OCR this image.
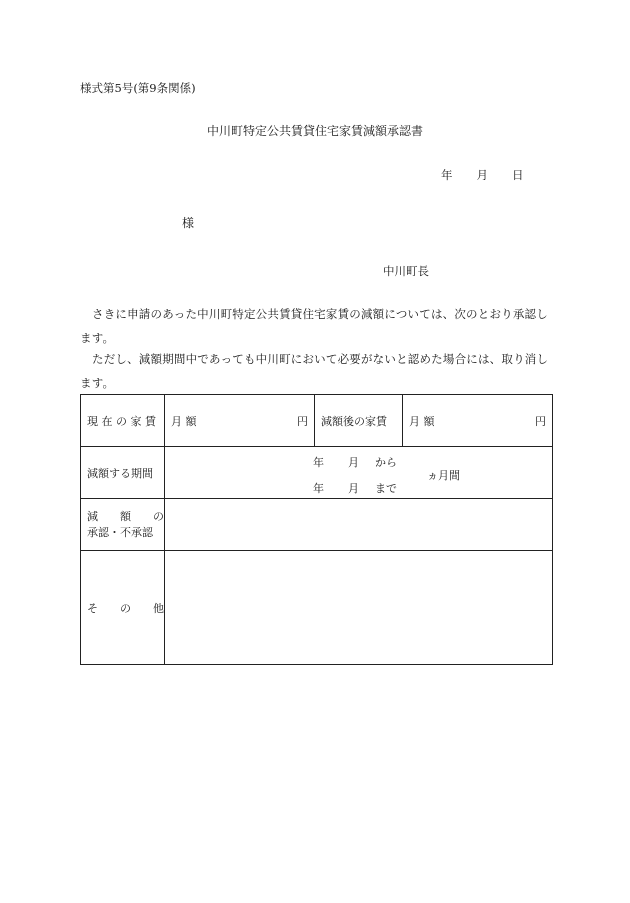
様式第5号(第9条関係)
中川町特定公共賃貸住宅家賃減額承認書
年 月 日
様
中川町長
さきに申請のあった中川町特定公共賃貸住宅家賃の減額については、次のとおり承認します。
ただし、減額期間中であっても中川町において必要がないと認めた場合には、取り消します。
現 在 の 家 賃	月 額 円	減額後の家賃	月 額 円

減額する期間	年 月 から
年 月 まで
ヵ月間		

減　　額　　の
承認・不承認			

そ　　の　　他			
